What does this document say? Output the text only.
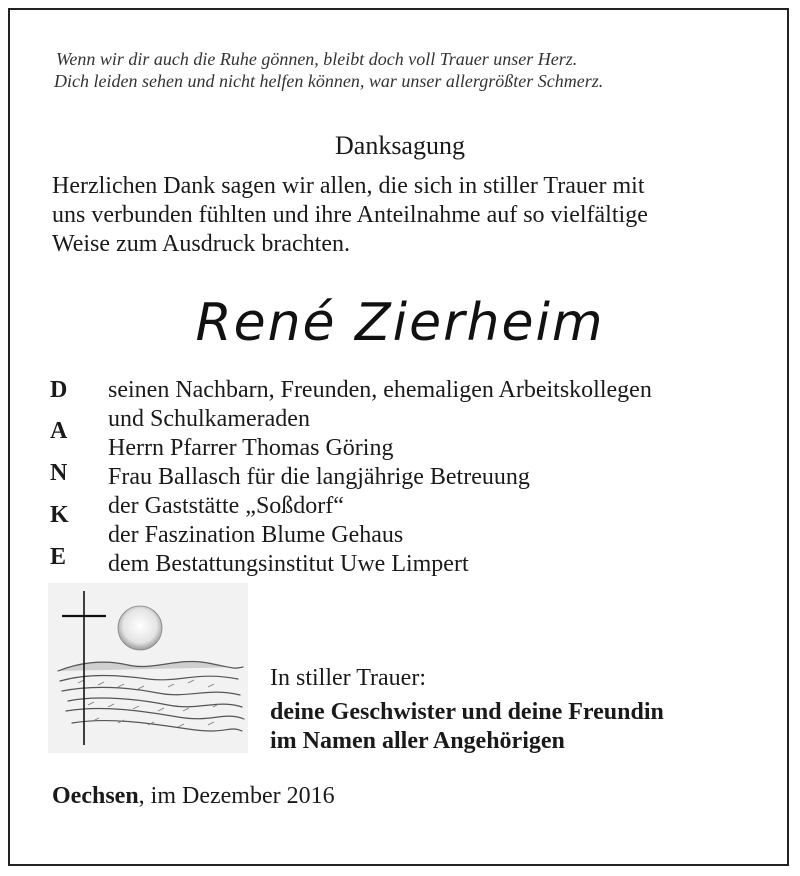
Wenn wir dir auch die Ruhe gönnen, bleibt doch voll Trauer unser Herz.
Dich leiden sehen und nicht helfen können, war unser allergrößter Schmerz.
Danksagung
Herzlichen Dank sagen wir allen, die sich in stiller Trauer mit
uns verbunden fühlten und ihre Anteilnahme auf so vielfältige
Weise zum Ausdruck brachten.
René Zierheim
D
A
N
K
E
seinen Nachbarn, Freunden, ehemaligen Arbeitskollegen
und Schulkameraden
Herrn Pfarrer Thomas Göring
Frau Ballasch für die langjährige Betreuung
der Gaststätte „Soßdorf“
der Faszination Blume Gehaus
dem Bestattungsinstitut Uwe Limpert
In stiller Trauer:
deine Geschwister und deine Freundin
im Namen aller Angehörigen
Oechsen, im Dezember 2016
